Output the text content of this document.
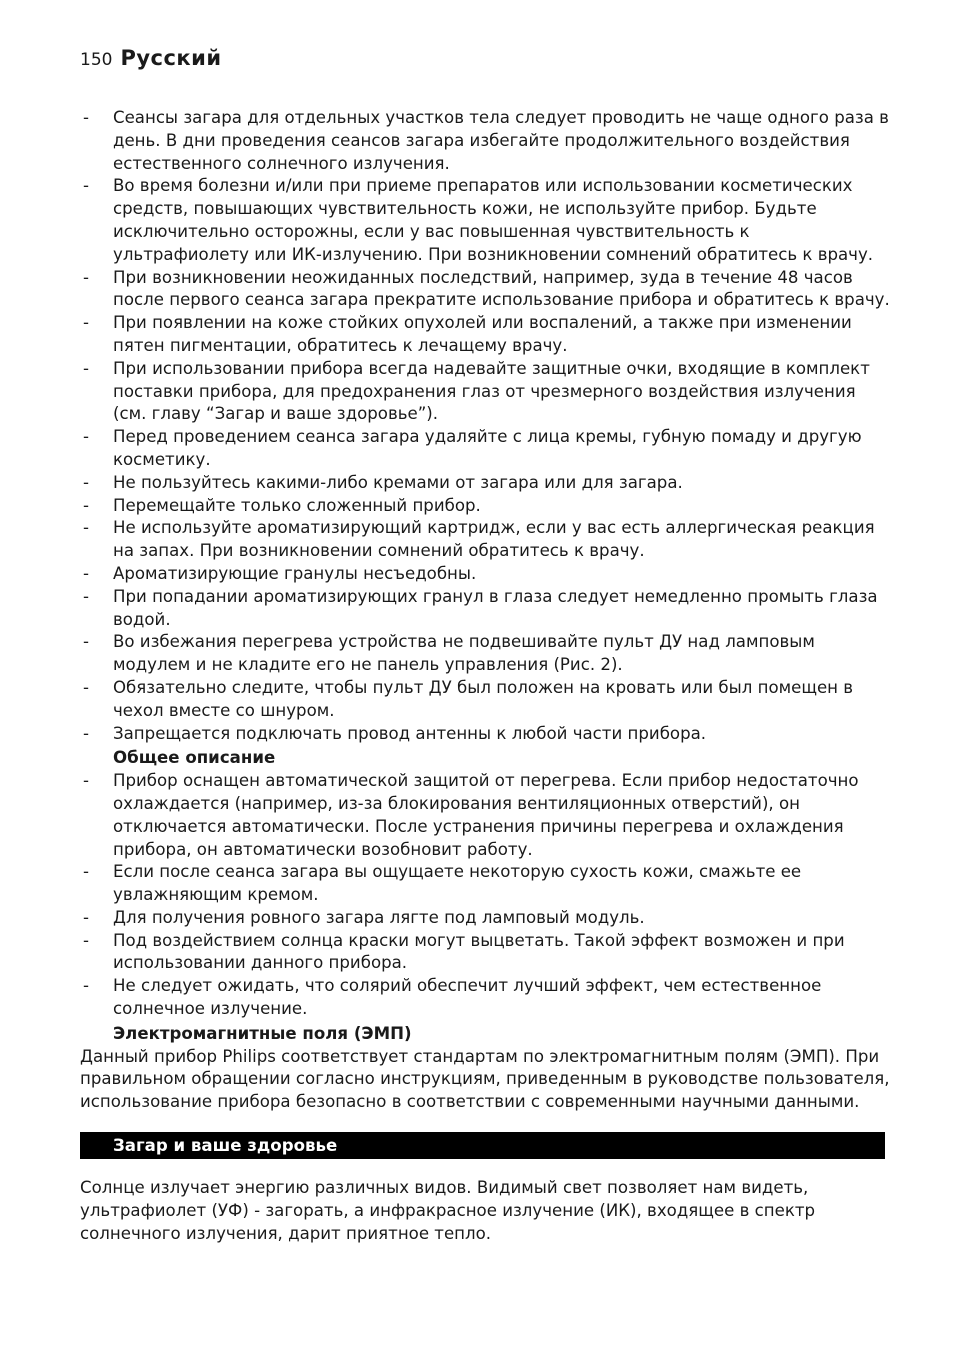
150 Русский
- Сеансы загара для отдельных участков тела следует проводить не чаще одного раза в день. В дни проведения сеансов загара избегайте продолжительного воздействия естественного солнечного излучения.
- Во время болезни и/или при приеме препаратов или использовании косметических средств, повышающих чувствительность кожи, не используйте прибор. Будьте исключительно осторожны, если у вас повышенная чувствительность к ультрафиолету или ИК-излучению. При возникновении сомнений обратитесь к врачу.
- При возникновении неожиданных последствий, например, зуда в течение 48 часов после первого сеанса загара прекратите использование прибора и обратитесь к врачу.
- При появлении на коже стойких опухолей или воспалений, а также при изменении пятен пигментации, обратитесь к лечащему врачу.
- При использовании прибора всегда надевайте защитные очки, входящие в комплект поставки прибора, для предохранения глаз от чрезмерного воздействия излучения (см. главу “Загар и ваше здоровье”).
- Перед проведением сеанса загара удаляйте с лица кремы, губную помаду и другую косметику.
- Не пользуйтесь какими-либо кремами от загара или для загара.
- Перемещайте только сложенный прибор.
- Не используйте ароматизирующий картридж, если у вас есть аллергическая реакция на запах. При возникновении сомнений обратитесь к врачу.
- Ароматизирующие гранулы несъедобны.
- При попадании ароматизирующих гранул в глаза следует немедленно промыть глаза водой.
- Во избежания перегрева устройства не подвешивайте пульт ДУ над ламповым модулем и не кладите его не панель управления (Рис. 2).
- Обязательно следите, чтобы пульт ДУ был положен на кровать или был помещен в чехол вместе со шнуром.
- Запрещается подключать провод антенны к любой части прибора.
Общее описание
- Прибор оснащен автоматической защитой от перегрева. Если прибор недостаточно охлаждается (например, из-за блокирования вентиляционных отверстий), он отключается автоматически. После устранения причины перегрева и охлаждения прибора, он автоматически возобновит работу.
- Если после сеанса загара вы ощущаете некоторую сухость кожи, смажьте ее увлажняющим кремом.
- Для получения ровного загара лягте под ламповый модуль.
- Под воздействием солнца краски могут выцветать. Такой эффект возможен и при использовании данного прибора.
- Не следует ожидать, что солярий обеспечит лучший эффект, чем естественное солнечное излучение.
Электромагнитные поля (ЭМП)
Данный прибор Philips соответствует стандартам по электромагнитным полям (ЭМП). При правильном обращении согласно инструкциям, приведенным в руководстве пользователя, использование прибора безопасно в соответствии с современными научными данными.
Загар и ваше здоровье
Солнце излучает энергию различных видов. Видимый свет позволяет нам видеть, ультрафиолет (УФ) - загорать, а инфракрасное излучение (ИК), входящее в спектр солнечного излучения, дарит приятное тепло.
